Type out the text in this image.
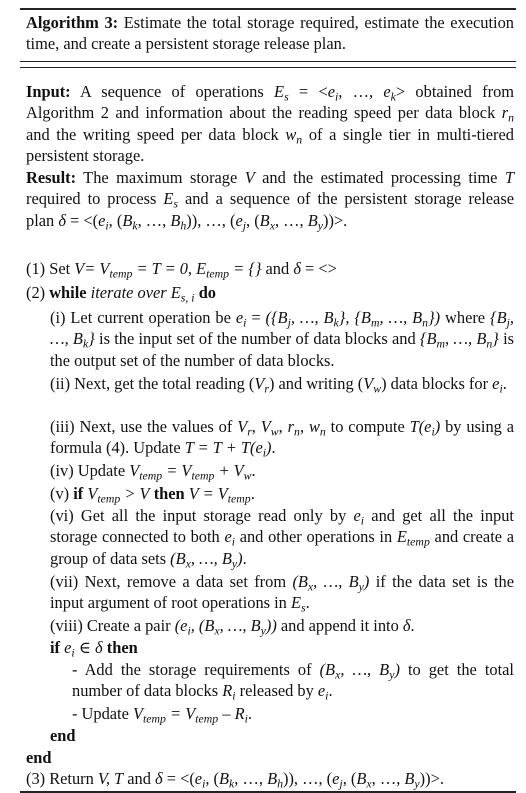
Algorithm 3: Estimate the total storage required, estimate the execution time, and create a persistent storage release plan.
Input: A sequence of operations $E_s = <e_i$, …, $e_k>$ obtained from Algorithm 2 and information about the reading speed per data block $r_n$ and the writing speed per data block $w_n$ of a single tier in multi-tiered persistent storage.
Result: The maximum storage V and the estimated processing time T required to process $E_s$ and a sequence of the persistent storage release plan $\delta = <(e_i$, ($B_k$, …, $B_h$)), …, ($e_j$, ($B_x$, …, $B_y))>$.
(1) Set $V= V_{temp} = T = 0$, $E_{temp}$ = {} and δ = <>
(2) while iterate over $E_{s, i}$ do
(i) Let current operation be $e_i = (\{B_j$, …, $B_k$}, {$B_m$, …, $B_n$}) where {$B_j$, …, $B_k$} is the input set of the number of data blocks and {$B_m$, …, $B_n$} is the output set of the number of data blocks.
(ii) Next, get the total reading $(V_r)$ and writing $(V_w)$ data blocks for $e_i$.
(iii) Next, use the values of $V_r$, $V_w$, $r_n$, $w_n$ to compute $T(e_i)$ by using a formula (4). Update $T = T + T(e_i)$.
(iv) Update $V_{temp} = V_{temp} + V_w$.
(v) if $V_{temp} > V$ then $V = V_{temp}$.
(vi) Get all the input storage read only by $e_i$ and get all the input storage connected to both $e_i$ and other operations in $E_{temp}$ and create a group of data sets ($B_x$, …, $B_y$).
(vii) Next, remove a data set from ($B_x$, …, $B_y$) if the data set is the input argument of root operations in $E_s$.
(viii) Create a pair ($e_i$, ($B_x$, …, $B_y$)) and append it into δ.
if $e_i$ ∈ δ then
- Add the storage requirements of ($B_x$, …, $B_y$) to get the total number of data blocks $R_i$ released by $e_i$.
- Update $V_{temp} = V_{temp} - R_i$.
end
end
(3) Return V, T and $\delta = <(e_i$, ($B_k$, …, $B_h$)), …, ($e_j$, ($B_x$, …, $B_y))>$.
